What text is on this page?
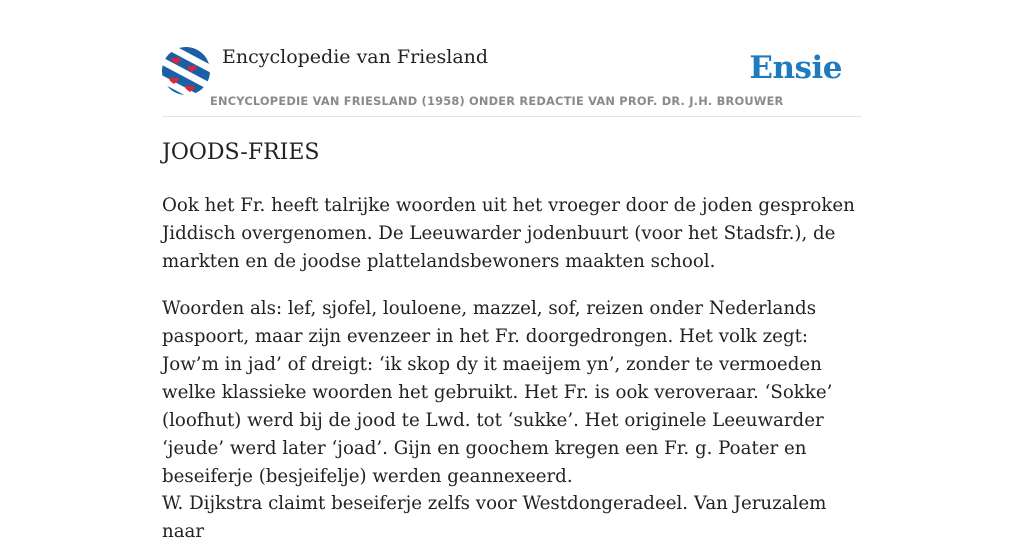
Encyclopedie van Friesland	Ensie
ENCYCLOPEDIE VAN FRIESLAND (1958) ONDER REDACTIE VAN PROF. DR. J.H. BROUWER
JOODS-FRIES

Ook het Fr. heeft talrijke woorden uit het vroeger door de joden gesproken Jiddisch overgenomen. De Leeuwarder jodenbuurt (voor het Stadsfr.), de markten en de joodse plattelandsbewoners maakten school.

Woorden als: lef, sjofel, louloene, mazzel, sof, reizen onder Nederlands paspoort, maar zijn evenzeer in het Fr. doorgedrongen. Het volk zegt: Jow’m in jad’ of dreigt: ‘ik skop dy it maeijem yn’, zonder te vermoeden welke klassieke woorden het gebruikt. Het Fr. is ook veroveraar. ‘Sokke’ (loofhut) werd bij de jood te Lwd. tot ‘sukke’. Het originele Leeuwarder ‘jeude’ werd later ‘joad’. Gijn en goochem kregen een Fr. g. Poater en beseiferje (besjeifelje) werden geannexeerd.

W. Dijkstra claimt beseiferje zelfs voor Westdongeradeel. Van Jeruzalem naar
